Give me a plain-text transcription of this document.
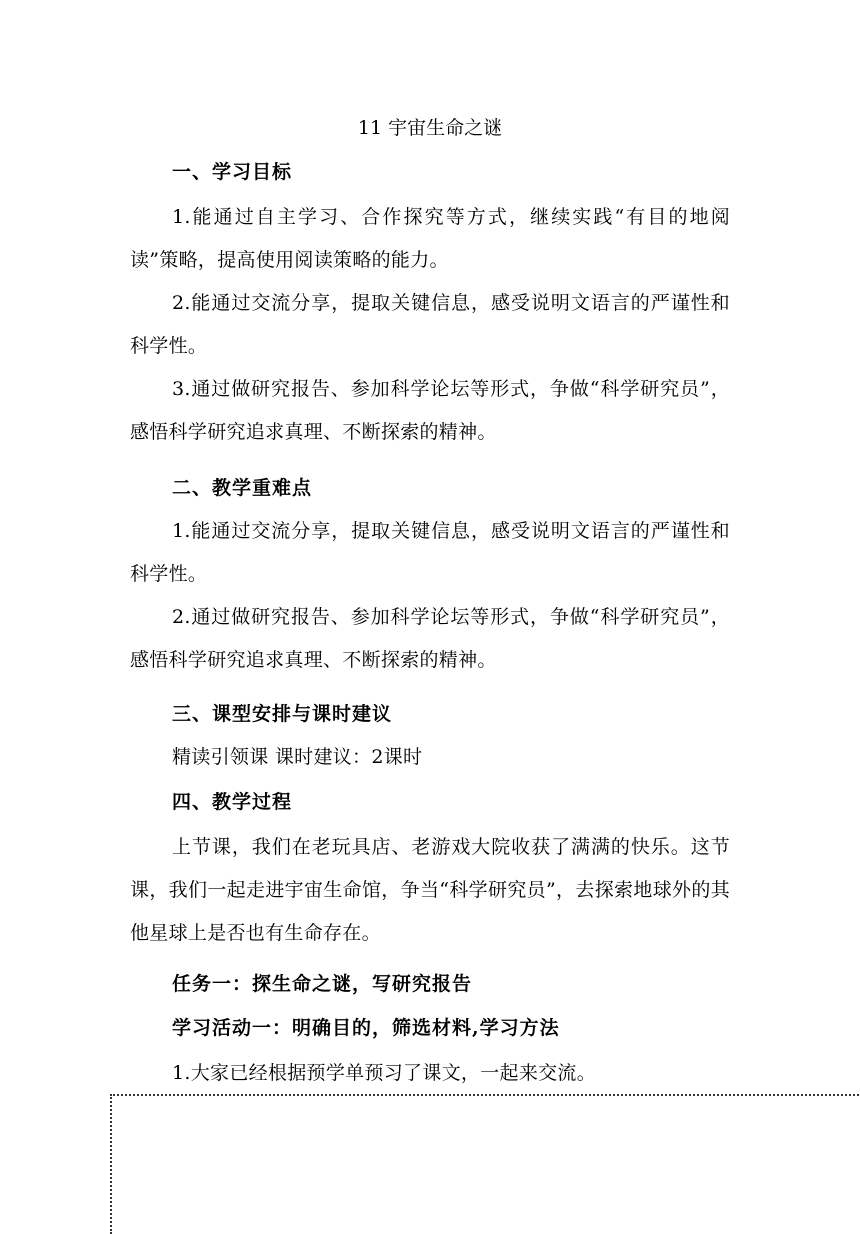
11 宇宙生命之谜
一、学习目标

1.能通过自主学习、合作探究等方式，继续实践“有目的地阅读”策略，提高使用阅读策略的能力。

2.能通过交流分享，提取关键信息，感受说明文语言的严谨性和科学性。

3.通过做研究报告、参加科学论坛等形式，争做“科学研究员”，感悟科学研究追求真理、不断探索的精神。

二、教学重难点

1.能通过交流分享，提取关键信息，感受说明文语言的严谨性和科学性。

2.通过做研究报告、参加科学论坛等形式，争做“科学研究员”，感悟科学研究追求真理、不断探索的精神。

三、课型安排与课时建议

精读引领课 课时建议：2课时

四、教学过程

上节课，我们在老玩具店、老游戏大院收获了满满的快乐。这节课，我们一起走进宇宙生命馆，争当“科学研究员”，去探索地球外的其他星球上是否也有生命存在。

任务一：探生命之谜，写研究报告
学习活动一：明确目的，筛选材料,学习方法

1.大家已经根据预学单预习了课文，一起来交流。
